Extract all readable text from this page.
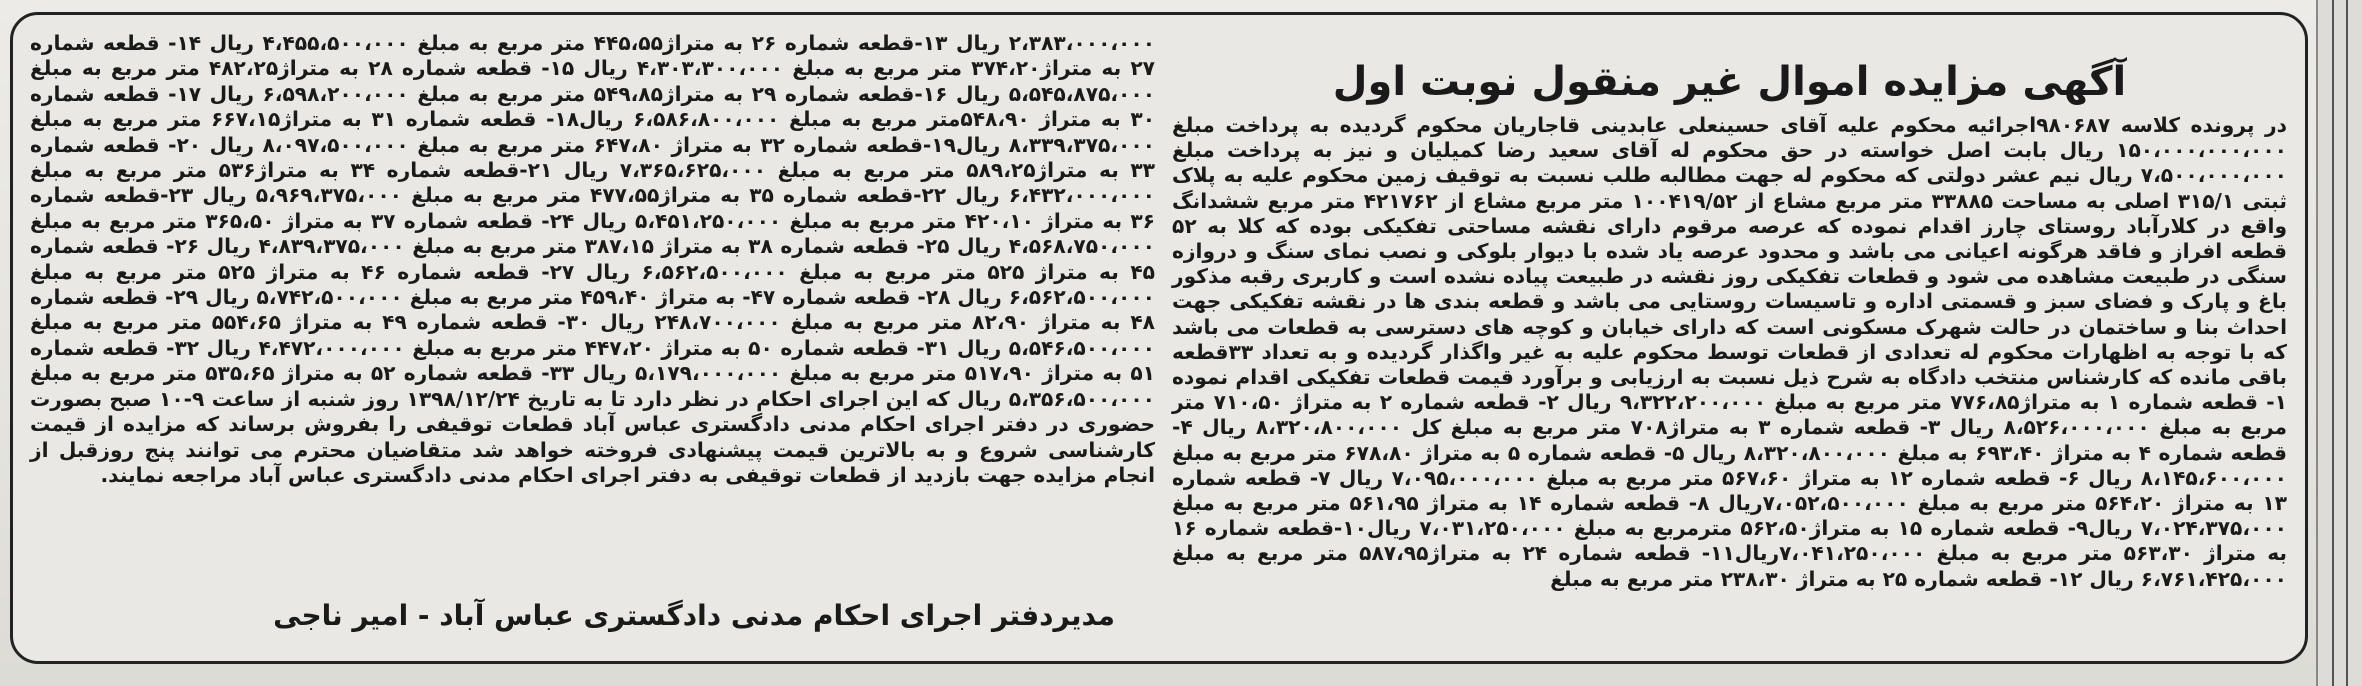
آگهی مزایده اموال غیر منقول نوبت اول

در پرونده کلاسه ۹۸۰۶۸۷اجرائیه محکوم علیه آقای حسینعلی عابدینی قاجاریان محکوم گردیده به پرداخت مبلغ ۱۵۰،۰۰۰،۰۰۰،۰۰۰ ریال بابت اصل خواسته در حق محکوم له آقای سعید رضا کمیلیان و نیز به پرداخت مبلغ ۷،۵۰۰،۰۰۰،۰۰۰ ریال نیم عشر دولتی که محکوم له جهت مطالبه طلب نسبت به توقیف زمین محکوم علیه به پلاک ثبتی ۳۱۵/۱ اصلی به مساحت ۳۳۸۸۵ متر مربع مشاع از ۱۰۰۴۱۹/۵۲ متر مربع مشاع از ۴۲۱۷۶۲ متر مربع ششدانگ واقع در کلارآباد روستای چارز اقدام نموده که عرصه مرقوم دارای نقشه مساحتی تفکیکی بوده که کلا به ۵۲ قطعه افراز و فاقد هرگونه اعیانی می باشد و محدود عرصه یاد شده با دیوار بلوکی و نصب نمای سنگ و دروازه سنگی در طبیعت مشاهده می شود و قطعات تفکیکی روز نقشه در طبیعت پیاده نشده است و کاربری رقبه مذکور باغ و پارک و فضای سبز و قسمتی اداره و تاسیسات روستایی می باشد و قطعه بندی ها در نقشه تفکیکی جهت احداث بنا و ساختمان در حالت شهرک مسکونی است که دارای خیابان و کوچه های دسترسی به قطعات می باشد که با توجه به اظهارات محکوم له تعدادی از قطعات توسط محکوم علیه به غیر واگذار گردیده و به تعداد ۳۳قطعه باقی مانده که کارشناس منتخب دادگاه به شرح ذیل نسبت به ارزیابی و برآورد قیمت قطعات تفکیکی اقدام نموده ۱- قطعه شماره ۱ به متراژ۷۷۶،۸۵ متر مربع به مبلغ ۹،۳۲۲،۲۰۰،۰۰۰ ریال ۲- قطعه شماره ۲ به متراژ ۷۱۰،۵۰ متر مربع به مبلغ ۸،۵۲۶،۰۰۰،۰۰۰ ریال ۳- قطعه شماره ۳ به متراژ۷۰۸ متر مربع به مبلغ کل ۸،۳۲۰،۸۰۰،۰۰۰ ریال ۴- قطعه شماره ۴ به متراژ ۶۹۳،۴۰ به مبلغ ۸،۳۲۰،۸۰۰،۰۰۰ ریال ۵- قطعه شماره ۵ به متراژ ۶۷۸،۸۰ متر مربع به مبلغ ۸،۱۴۵،۶۰۰،۰۰۰ ریال ۶- قطعه شماره ۱۲ به متراژ ۵۶۷،۶۰ متر مربع به مبلغ ۷،۰۹۵،۰۰۰،۰۰۰ ریال ۷- قطعه شماره ۱۳ به متراژ ۵۶۴،۲۰ متر مربع به مبلغ ۷،۰۵۲،۵۰۰،۰۰۰ریال ۸- قطعه شماره ۱۴ به متراژ ۵۶۱،۹۵ متر مربع به مبلغ ۷،۰۲۴،۳۷۵،۰۰۰ ریال۹- قطعه شماره ۱۵ به متراژ۵۶۲،۵۰ مترمربع به مبلغ ۷،۰۳۱،۲۵۰،۰۰۰ ریال۱۰-قطعه شماره ۱۶ به متراژ ۵۶۳،۳۰ متر مربع به مبلغ ۷،۰۴۱،۲۵۰،۰۰۰ریال۱۱- قطعه شماره ۲۴ به متراژ۵۸۷،۹۵ متر مربع به مبلغ ۶،۷۶۱،۴۲۵،۰۰۰ ریال ۱۲- قطعه شماره ۲۵ به متراژ ۲۳۸،۳۰ متر مربع به مبلغ

۲،۳۸۳،۰۰۰،۰۰۰ ریال ۱۳-قطعه شماره ۲۶ به متراژ۴۴۵،۵۵ متر مربع به مبلغ ۴،۴۵۵،۵۰۰،۰۰۰ ریال ۱۴- قطعه شماره ۲۷ به متراژ۳۷۴،۲۰ متر مربع به مبلغ ۴،۳۰۳،۳۰۰،۰۰۰ ریال ۱۵- قطعه شماره ۲۸ به متراژ۴۸۲،۲۵ متر مربع به مبلغ ۵،۵۴۵،۸۷۵،۰۰۰ ریال ۱۶-قطعه شماره ۲۹ به متراژ۵۴۹،۸۵ متر مربع به مبلغ ۶،۵۹۸،۲۰۰،۰۰۰ ریال ۱۷- قطعه شماره ۳۰ به متراژ ۵۴۸،۹۰متر مربع به مبلغ ۶،۵۸۶،۸۰۰،۰۰۰ ریال۱۸- قطعه شماره ۳۱ به متراژ۶۶۷،۱۵ متر مربع به مبلغ ۸،۳۳۹،۳۷۵،۰۰۰ ریال۱۹-قطعه شماره ۳۲ به متراژ ۶۴۷،۸۰ متر مربع به مبلغ ۸،۰۹۷،۵۰۰،۰۰۰ ریال ۲۰- قطعه شماره ۳۳ به متراژ۵۸۹،۲۵ متر مربع به مبلغ ۷،۳۶۵،۶۲۵،۰۰۰ ریال ۲۱-قطعه شماره ۳۴ به متراژ۵۳۶ متر مربع به مبلغ ۶،۴۳۲،۰۰۰،۰۰۰ ریال ۲۲-قطعه شماره ۳۵ به متراژ۴۷۷،۵۵ متر مربع به مبلغ ۵،۹۶۹،۳۷۵،۰۰۰ ریال ۲۳-قطعه شماره ۳۶ به متراژ ۴۲۰،۱۰ متر مربع به مبلغ ۵،۴۵۱،۲۵۰،۰۰۰ ریال ۲۴- قطعه شماره ۳۷ به متراژ ۳۶۵،۵۰ متر مربع به مبلغ ۴،۵۶۸،۷۵۰،۰۰۰ ریال ۲۵- قطعه شماره ۳۸ به متراژ ۳۸۷،۱۵ متر مربع به مبلغ ۴،۸۳۹،۳۷۵،۰۰۰ ریال ۲۶- قطعه شماره ۴۵ به متراژ ۵۲۵ متر مربع به مبلغ ۶،۵۶۲،۵۰۰،۰۰۰ ریال ۲۷- قطعه شماره ۴۶ به متراژ ۵۲۵ متر مربع به مبلغ ۶،۵۶۲،۵۰۰،۰۰۰ ریال ۲۸- قطعه شماره ۴۷- به متراژ ۴۵۹،۴۰ متر مربع به مبلغ ۵،۷۴۲،۵۰۰،۰۰۰ ریال ۲۹- قطعه شماره ۴۸ به متراژ ۸۲،۹۰ متر مربع به مبلغ ۲۴۸،۷۰۰،۰۰۰ ریال ۳۰- قطعه شماره ۴۹ به متراژ ۵۵۴،۶۵ متر مربع به مبلغ ۵،۵۴۶،۵۰۰،۰۰۰ ریال ۳۱- قطعه شماره ۵۰ به متراژ ۴۴۷،۲۰ متر مربع به مبلغ ۴،۴۷۲،۰۰۰،۰۰۰ ریال ۳۲- قطعه شماره ۵۱ به متراژ ۵۱۷،۹۰ متر مربع به مبلغ ۵،۱۷۹،۰۰۰،۰۰۰ ریال ۳۳- قطعه شماره ۵۲ به متراژ ۵۳۵،۶۵ متر مربع به مبلغ ۵،۳۵۶،۵۰۰،۰۰۰ ریال که این اجرای احکام در نظر دارد تا به تاریخ ۱۳۹۸/۱۲/۲۴ روز شنبه از ساعت ۹-۱۰ صبح بصورت حضوری در دفتر اجرای احکام مدنی دادگستری عباس آباد قطعات توقیفی را بفروش برساند که مزایده از قیمت کارشناسی شروع و به بالاترین قیمت پیشنهادی فروخته خواهد شد متقاضیان محترم می توانند پنج روزقبل از انجام مزایده جهت بازدید از قطعات توقیفی به دفتر اجرای احکام مدنی دادگستری عباس آباد مراجعه نمایند.

مدیردفتر اجرای احکام مدنی دادگستری عباس آباد - امیر ناجی
